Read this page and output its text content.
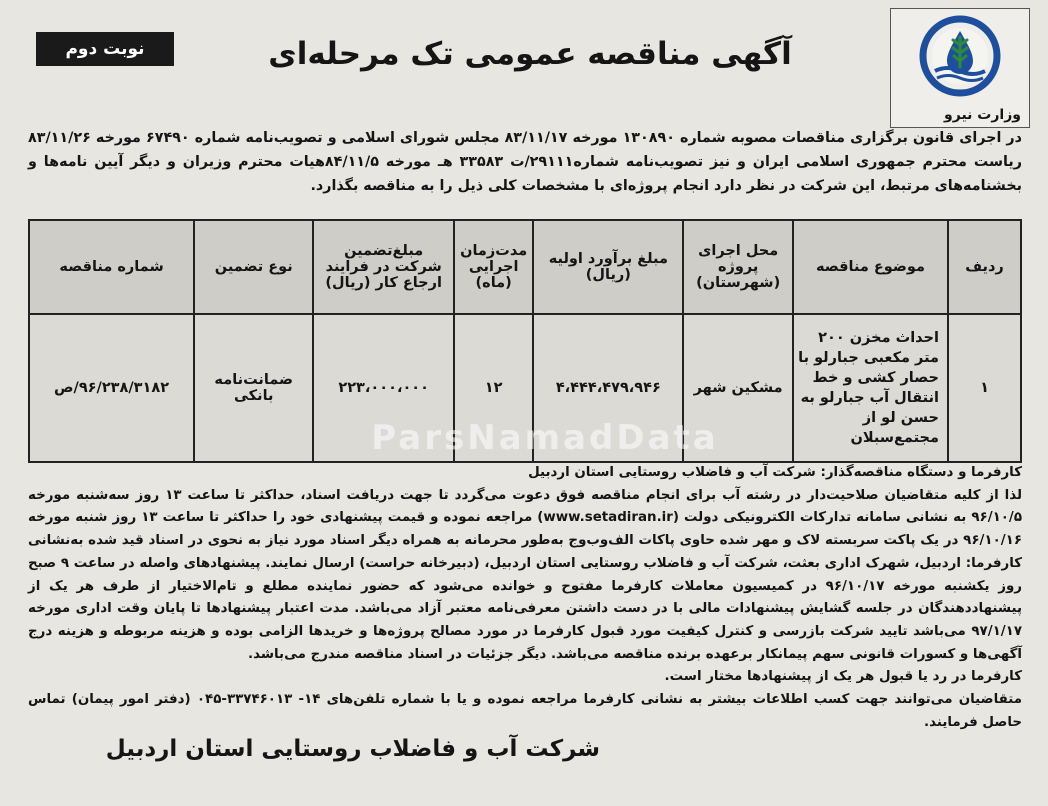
نوبت دوم	آگهی مناقصه عمومی تک مرحله‌ای
وزارت نیرو
در اجرای قانون برگزاری مناقصات مصوبه شماره ۱۳۰۸۹۰ مورخه ۸۳/۱۱/۱۷ مجلس شورای اسلامی و تصویب‌نامه شماره ۶۷۴۹۰ مورخه ۸۳/۱۱/۲۶ ریاست محترم جمهوری اسلامی ایران و نیز تصویب‌نامه شماره۲۹۱۱۱/ت ۳۳۵۸۳ هـ مورخه ۸۴/۱۱/۵هیات محترم وزیران و دیگر آیین نامه‌ها و بخشنامه‌های مرتبط، این شرکت در نظر دارد انجام پروژه‌ای با مشخصات کلی ذیل را به مناقصه بگذارد.
ردیف	موضوع مناقصه	محل اجرای پروژه (شهرستان)	مبلغ برآورد اولیه (ریال)	مدت‌زمان اجرایی (ماه)	مبلغ‌تضمین شرکت در فرایند ارجاع کار (ریال)	نوع تضمین	شماره مناقصه
۱	احداث مخزن ۲۰۰ متر مکعبی جبارلو با حصار کشی و خط انتقال آب جبارلو به حسن لو از مجتمع‌سبلان	مشکین شهر	۴،۴۴۴،۴۷۹،۹۴۶	۱۲	۲۲۳،۰۰۰،۰۰۰	ضمانت‌نامه بانکی	۹۶/۲۳۸/۳۱۸۲/ص
ParsNamadData
کارفرما و دستگاه مناقصه‌گذار: شرکت آب و فاضلاب روستایی استان اردبیل
لذا از کلیه متقاضیان صلاحیت‌دار در رشته آب برای انجام مناقصه فوق دعوت می‌گردد تا جهت دریافت اسناد، حداکثر تا ساعت ۱۳ روز سه‌شنبه مورخه ۹۶/۱۰/۵ به نشانی سامانه تدارکات الکترونیکی دولت (www.setadiran.ir) مراجعه نموده و قیمت پیشنهادی خود را حداکثر تا ساعت ۱۳ روز شنبه مورخه ۹۶/۱۰/۱۶ در یک پاکت سربسته لاک و مهر شده حاوی پاکات الف‌وب‌وج به‌طور محرمانه به همراه دیگر اسناد مورد نیاز به نحوی در اسناد قید شده به‌نشانی کارفرما: اردبیل، شهرک اداری بعثت، شرکت آب و فاضلاب روستایی استان اردبیل، (دبیرخانه حراست) ارسال نمایند. پیشنهادهای واصله در ساعت ۹ صبح روز یکشنبه مورخه ۹۶/۱۰/۱۷ در کمیسیون معاملات کارفرما مفتوح و خوانده می‌شود که حضور نماینده مطلع و تام‌الاختیار از طرف هر یک از پیشنهاددهندگان در جلسه گشایش پیشنهادات مالی با در دست داشتن معرفی‌نامه معتبر آزاد می‌باشد. مدت اعتبار پیشنهادها تا پایان وقت اداری مورخه ۹۷/۱/۱۷ می‌باشد تایید شرکت بازرسی و کنترل کیفیت مورد قبول کارفرما در مورد مصالح پروژه‌ها و خریدها الزامی بوده و هزینه مربوطه و هزینه درج آگهی‌ها و کسورات قانونی سهم پیمانکار برعهده برنده مناقصه می‌باشد. دیگر جزئیات در اسناد مناقصه مندرج می‌باشد.
کارفرما در رد یا قبول هر یک از پیشنهادها مختار است.
متقاضیان می‌توانند جهت کسب اطلاعات بیشتر به نشانی کارفرما مراجعه نموده و یا با شماره تلفن‌های ۱۴- ۳۳۷۴۶۰۱۳-۰۴۵ (دفتر امور پیمان) تماس حاصل فرمایند.
شرکت آب و فاضلاب روستایی استان اردبیل
